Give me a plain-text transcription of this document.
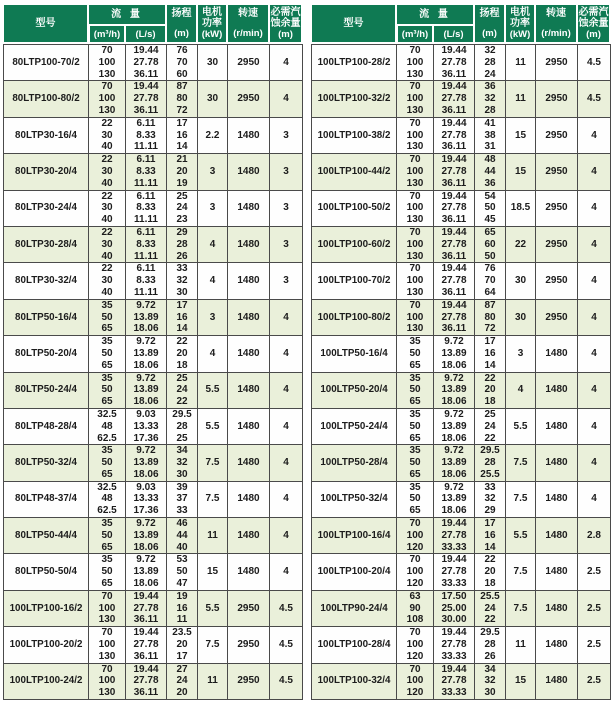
型号	流 量		扬程
(m)	电机
功率
(kW)	转速
(r/min)	必需汽
蚀余量
(m)

	(m³/h)	(L/s)				
80LTP100-70/2	70	19.44	76	30	2950	4
	100	27.78	70			
	130	36.11	60			
80LTP100-80/2	70	19.44	87	30	2950	4
	100	27.78	80			
	130	36.11	72			
80LTP30-16/4	22	6.11	17	2.2	1480	3
	30	8.33	16			
	40	11.11	14			
80LTP30-20/4	22	6.11	21	3	1480	3
	30	8.33	20			
	40	11.11	19			
80LTP30-24/4	22	6.11	25	3	1480	3
	30	8.33	24			
	40	11.11	23			
80LTP30-28/4	22	6.11	29	4	1480	3
	30	8.33	28			
	40	11.11	26			
80LTP30-32/4	22	6.11	33	4	1480	3
	30	8.33	32			
	40	11.11	30			
80LTP50-16/4	35	9.72	17	3	1480	4
	50	13.89	16			
	65	18.06	14			
80LTP50-20/4	35	9.72	22	4	1480	4
	50	13.89	20			
	65	18.06	18			
80LTP50-24/4	35	9.72	25	5.5	1480	4
	50	13.89	24			
	65	18.06	22			
80LTP48-28/4	32.5	9.03	29.5	5.5	1480	4
	48	13.33	28			
	62.5	17.36	25			
80LTP50-32/4	35	9.72	34	7.5	1480	4
	50	13.89	32			
	65	18.06	30			
80LTP48-37/4	32.5	9.03	39	7.5	1480	4
	48	13.33	37			
	62.5	17.36	33			
80LTP50-44/4	35	9.72	46	11	1480	4
	50	13.89	44			
	65	18.06	40			
80LTP50-50/4	35	9.72	53	15	1480	4
	50	13.89	50			
	65	18.06	47			
100LTP100-16/2	70	19.44	19	5.5	2950	4.5
	100	27.78	16			
	130	36.11	11			
100LTP100-20/2	70	19.44	23.5	7.5	2950	4.5
	100	27.78	20			
	130	36.11	17			
100LTP100-24/2	70	19.44	27	11	2950	4.5
	100	27.78	24			
	130	36.11	20			
型号	流 量		扬程
(m)	电机
功率
(kW)	转速
(r/min)	必需汽
蚀余量
(m)

	(m³/h)	(L/s)				
100LTP100-28/2	70	19.44	32	11	2950	4.5
	100	27.78	28			
	130	36.11	24			
100LTP100-32/2	70	19.44	36	11	2950	4.5
	100	27.78	32			
	130	36.11	28			
100LTP100-38/2	70	19.44	41	15	2950	4
	100	27.78	38			
	130	36.11	31			
100LTP100-44/2	70	19.44	48	15	2950	4
	100	27.78	44			
	130	36.11	36			
100LTP100-50/2	70	19.44	54	18.5	2950	4
	100	27.78	50			
	130	36.11	45			
100LTP100-60/2	70	19.44	65	22	2950	4
	100	27.78	60			
	130	36.11	50			
100LTP100-70/2	70	19.44	76	30	2950	4
	100	27.78	70			
	130	36.11	64			
100LTP100-80/2	70	19.44	87	30	2950	4
	100	27.78	80			
	130	36.11	72			
100LTP50-16/4	35	9.72	17	3	1480	4
	50	13.89	16			
	65	18.06	14			
100LTP50-20/4	35	9.72	22	4	1480	4
	50	13.89	20			
	65	18.06	18			
100LTP50-24/4	35	9.72	25	5.5	1480	4
	50	13.89	24			
	65	18.06	22			
100LTP50-28/4	35	9.72	29.5	7.5	1480	4
	50	13.89	28			
	65	18.06	25.5			
100LTP50-32/4	35	9.72	33	7.5	1480	4
	50	13.89	32			
	65	18.06	29			
100LTP100-16/4	70	19.44	17	5.5	1480	2.8
	100	27.78	16			
	120	33.33	14			
100LTP100-20/4	70	19.44	22	7.5	1480	2.5
	100	27.78	20			
	120	33.33	18			
100LTP90-24/4	63	17.50	25.5	7.5	1480	2.5
	90	25.00	24			
	108	30.00	22			
100LTP100-28/4	70	19.44	29.5	11	1480	2.5
	100	27.78	28			
	120	33.33	26			
100LTP100-32/4	70	19.44	34	15	1480	2.5
	100	27.78	32			
	120	33.33	30			
